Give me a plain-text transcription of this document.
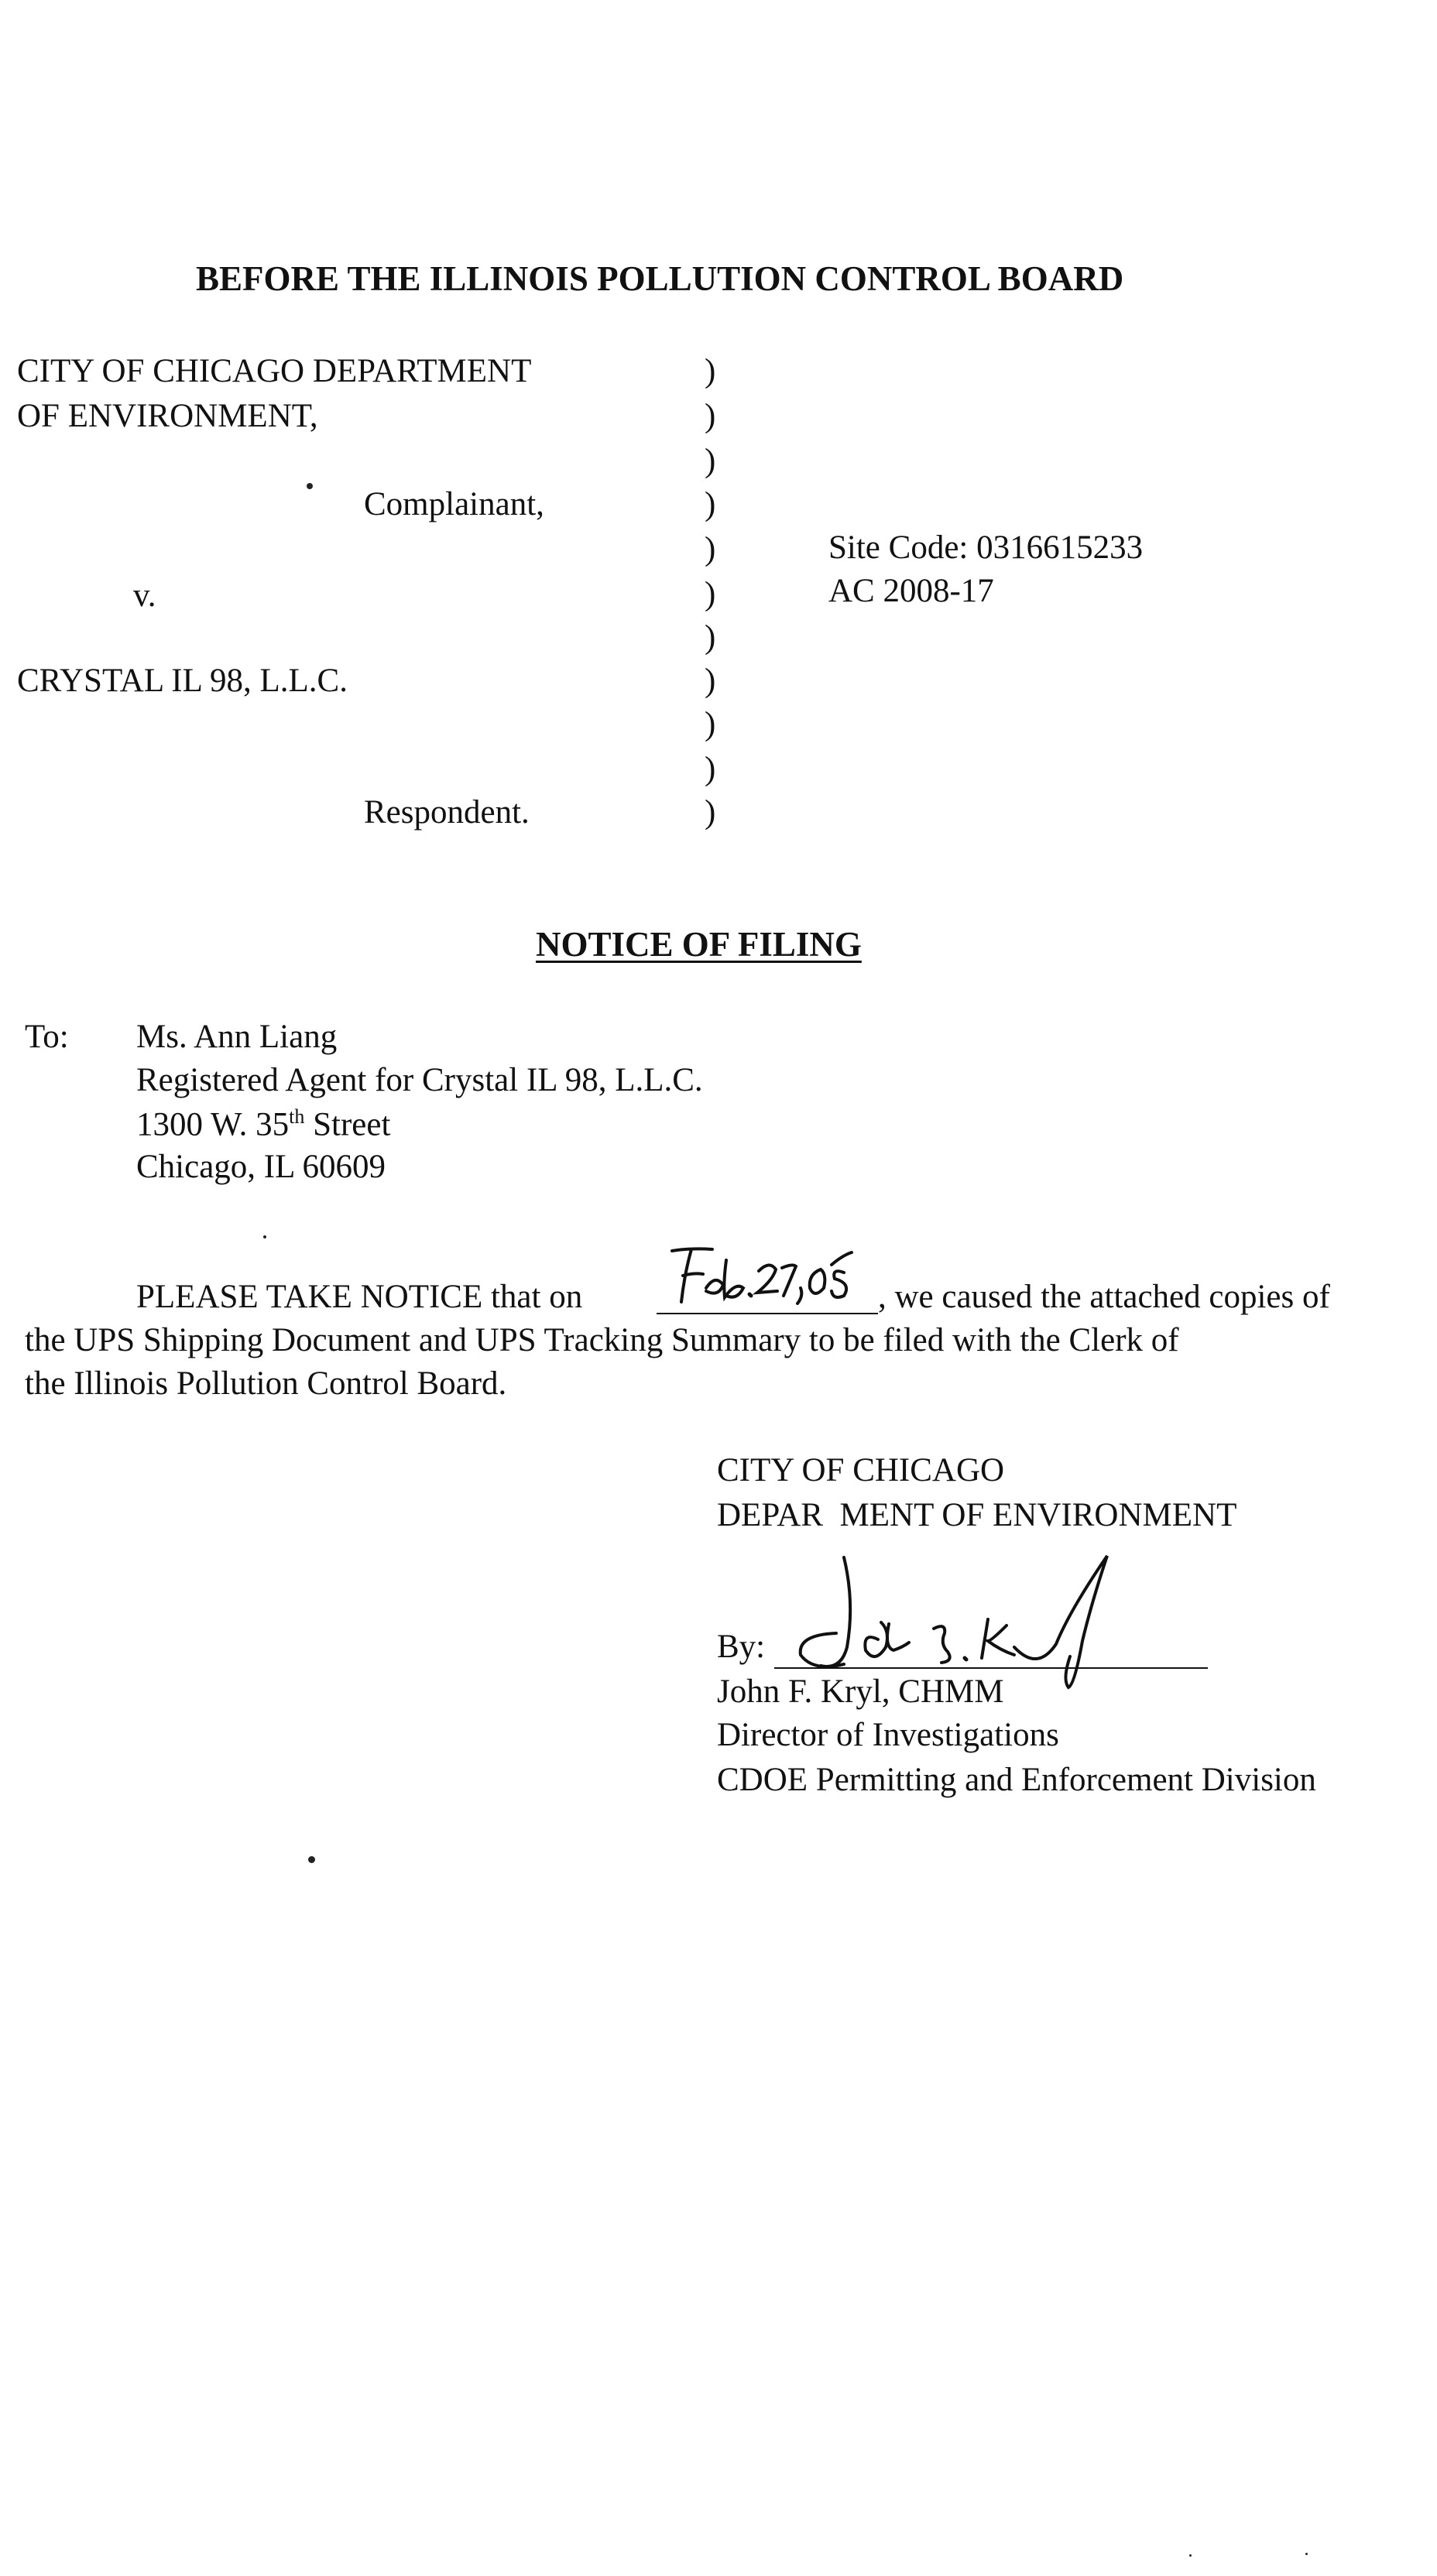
BEFORE THE ILLINOIS POLLUTION CONTROL BOARD
CITY OF CHICAGO DEPARTMENT
OF ENVIRONMENT,
Complainant,
v.
CRYSTAL IL 98, L.L.C.
Respondent.
)
)
)
)
)
)
)
)
)
)
)
Site Code: 0316615233
AC 2008-17
NOTICE OF FILING
To: Ms. Ann Liang
Registered Agent for Crystal IL 98, L.L.C.
1300 W. 35th Street
Chicago, IL 60609
PLEASE TAKE NOTICE that on	Feb. 27, 08	, we caused the attached copies of
the UPS Shipping Document and UPS Tracking Summary to be filed with the Clerk of
the Illinois Pollution Control Board.
CITY OF CHICAGO
DEPAR  MENT OF ENVIRONMENT
By:
John F. Kryl, CHMM
Director of Investigations
CDOE Permitting and Enforcement Division
